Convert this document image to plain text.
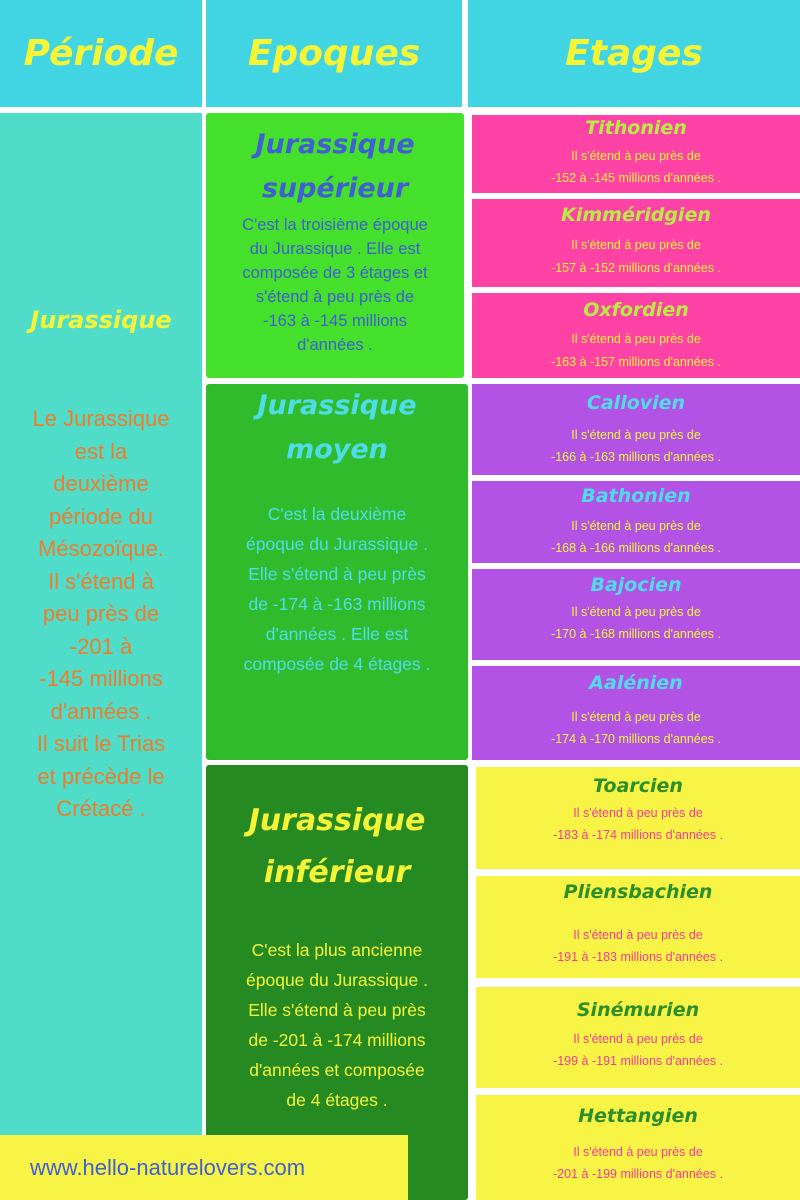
Période Epoques	Etages
Jurassique
Le Jurassique
est la
deuxième
période du
Mésozoïque.
Il s'étend à
peu près de
-201 à
-145 millions
d'années .
Il suit le Trias
et précède le
Crétacé .
Jurassique
supérieur
C'est la troisième époque
du Jurassique . Elle est
composée de 3 étages et
s'étend à peu près de
-163 à -145 millions
d'années .
Jurassique
moyen
C'est la deuxième
époque du Jurassique .
Elle s'étend à peu près
de -174 à -163 millions
d'années . Elle est
composée de 4 étages .
Jurassique
inférieur
C'est la plus ancienne
époque du Jurassique .
Elle s'étend à peu près
de -201 à -174 millions
d'années et composée
de 4 étages .
Tithonien
Il s'étend à peu près de
-152 à -145 millions d'années .
Kimméridgien
Il s'étend à peu près de
-157 à -152 millions d'années .
Oxfordien
Il s'étend à peu près de
-163 à -157 millions d'années .
Callovien
Il s'étend à peu près de
-166 à -163 millions d'années .
Bathonien
Il s'étend à peu près de
-168 à -166 millions d'années .
Bajocien
Il s'étend à peu près de
-170 à -168 millions d'années .
Aalénien
Il s'étend à peu près de
-174 à -170 millions d'années .
Toarcien
Il s'étend à peu près de
-183 à -174 millions d'années .
Pliensbachien
Il s'étend à peu près de
-191 à -183 millions d'années .
Sinémurien
Il s'étend à peu près de
-199 à -191 millions d'années .
Hettangien
Il s'étend à peu près de
-201 à -199 millions d'années .
www.hello-naturelovers.com
